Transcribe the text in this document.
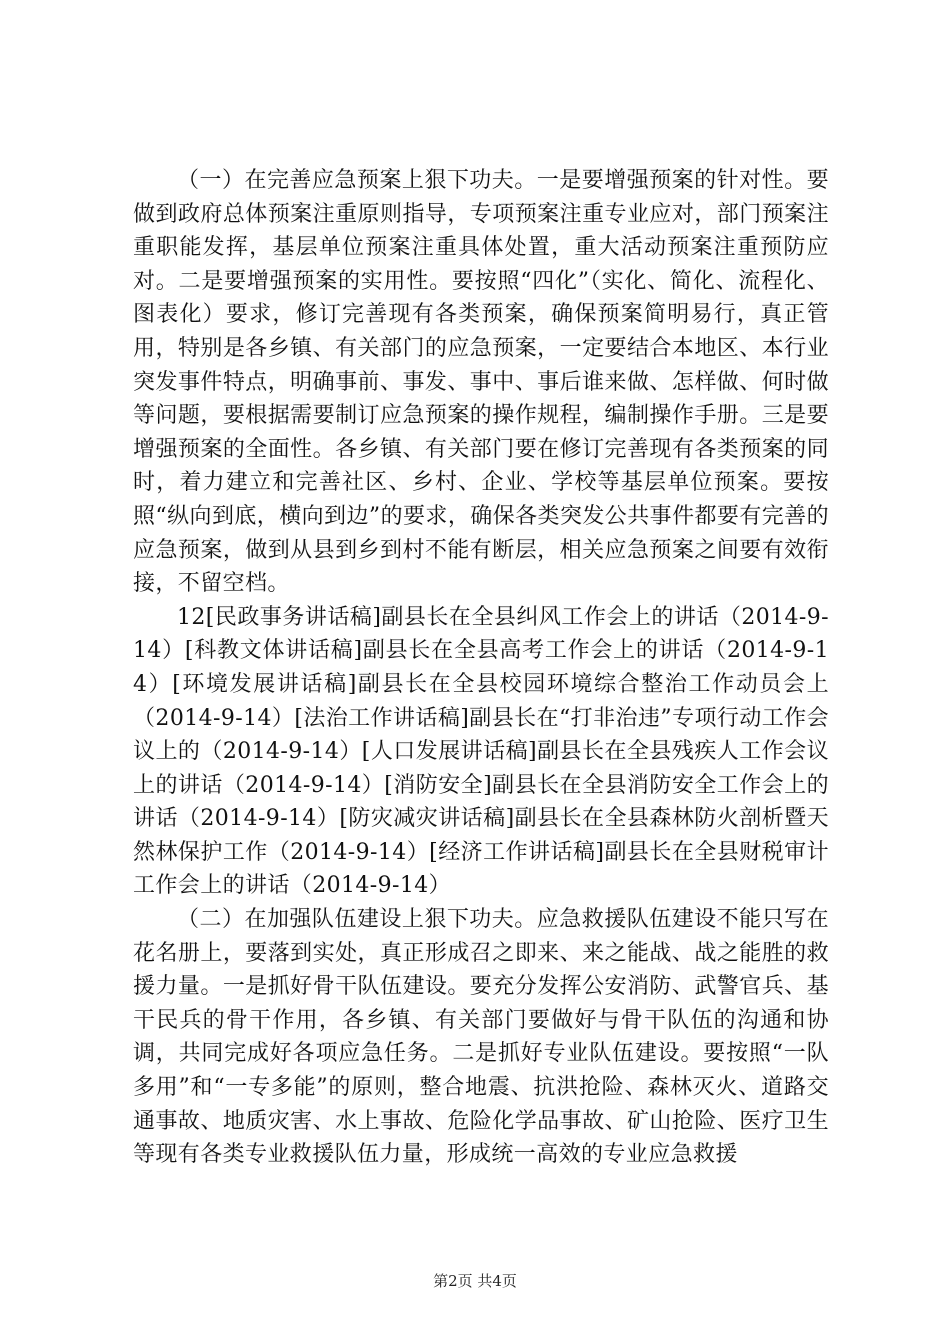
（一）在完善应急预案上狠下功夫。一是要增强预案的针对性。要做到政府总体预案注重原则指导，专项预案注重专业应对，部门预案注重职能发挥，基层单位预案注重具体处置，重大活动预案注重预防应对。二是要增强预案的实用性。要按照“四化”（实化、简化、流程化、图表化）要求，修订完善现有各类预案，确保预案简明易行，真正管用，特别是各乡镇、有关部门的应急预案，一定要结合本地区、本行业突发事件特点，明确事前、事发、事中、事后谁来做、怎样做、何时做等问题，要根据需要制订应急预案的操作规程，编制操作手册。三是要增强预案的全面性。各乡镇、有关部门要在修订完善现有各类预案的同时，着力建立和完善社区、乡村、企业、学校等基层单位预案。要按照“纵向到底，横向到边”的要求，确保各类突发公共事件都要有完善的应急预案，做到从县到乡到村不能有断层，相关应急预案之间要有效衔接，不留空档。

12[民政事务讲话稿]副县长在全县纠风工作会上的讲话（2014-9-14）[科教文体讲话稿]副县长在全县高考工作会上的讲话（2014-9-14）[环境发展讲话稿]副县长在全县校园环境综合整治工作动员会上（2014-9-14）[法治工作讲话稿]副县长在“打非治违”专项行动工作会议上的（2014-9-14）[人口发展讲话稿]副县长在全县残疾人工作会议上的讲话（2014-9-14）[消防安全]副县长在全县消防安全工作会上的讲话（2014-9-14）[防灾减灾讲话稿]副县长在全县森林防火剖析暨天然林保护工作（2014-9-14）[经济工作讲话稿]副县长在全县财税审计工作会上的讲话（2014-9-14）

（二）在加强队伍建设上狠下功夫。应急救援队伍建设不能只写在花名册上，要落到实处，真正形成召之即来、来之能战、战之能胜的救援力量。一是抓好骨干队伍建设。要充分发挥公安消防、武警官兵、基干民兵的骨干作用，各乡镇、有关部门要做好与骨干队伍的沟通和协调，共同完成好各项应急任务。二是抓好专业队伍建设。要按照“一队多用”和“一专多能”的原则，整合地震、抗洪抢险、森林灭火、道路交通事故、地质灾害、水上事故、危险化学品事故、矿山抢险、医疗卫生等现有各类专业救援队伍力量，形成统一高效的专业应急救援

第2页 共4页
